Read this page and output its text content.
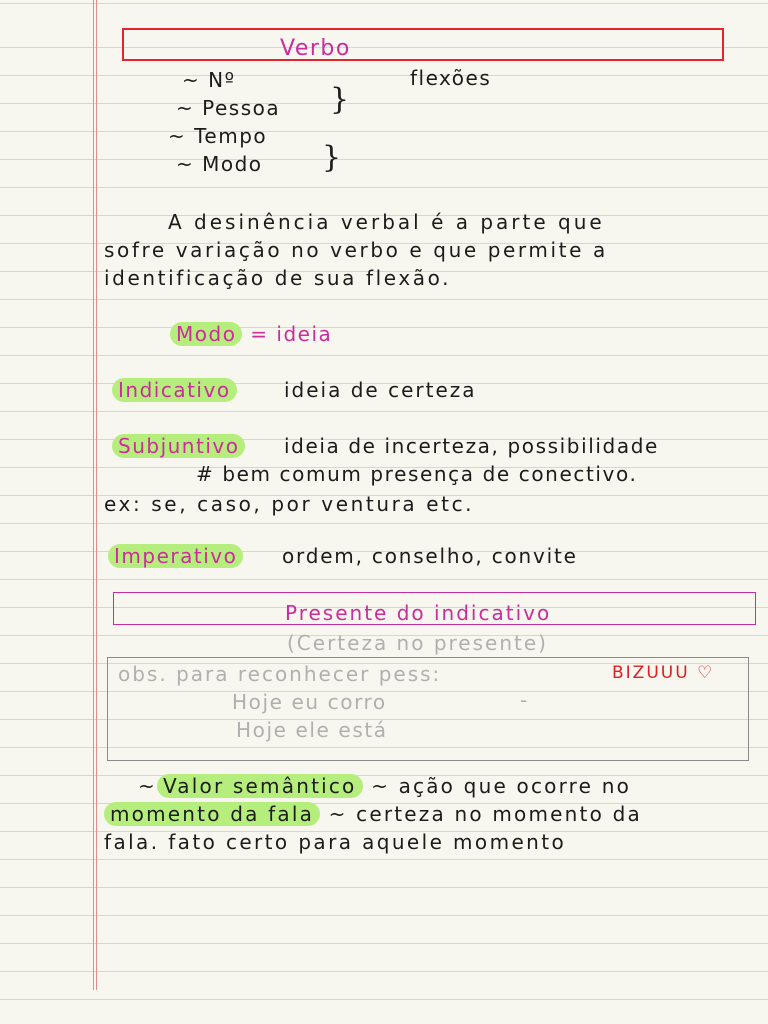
Verbo
~ Nº
~ Pessoa
~ Tempo
~ Modo
}
}
flexões
A desinência verbal é a parte que
sofre variação no verbo e que permite a
identificação de sua flexão.
Modo = ideia
Indicativo	ideia de certeza
Subjuntivo	ideia de incerteza, possibilidade
# bem comum presença de conectivo.
ex: se, caso, por ventura etc.
Imperativo	ordem, conselho, convite
Presente do indicativo
(Certeza no presente)
obs. para reconhecer pess:
Hoje eu corro
Hoje ele está
-
BIZUUU ♡
~ Valor semântico ~ ação que ocorre no
momento da fala ~ certeza no momento da
fala. fato certo para aquele momento
